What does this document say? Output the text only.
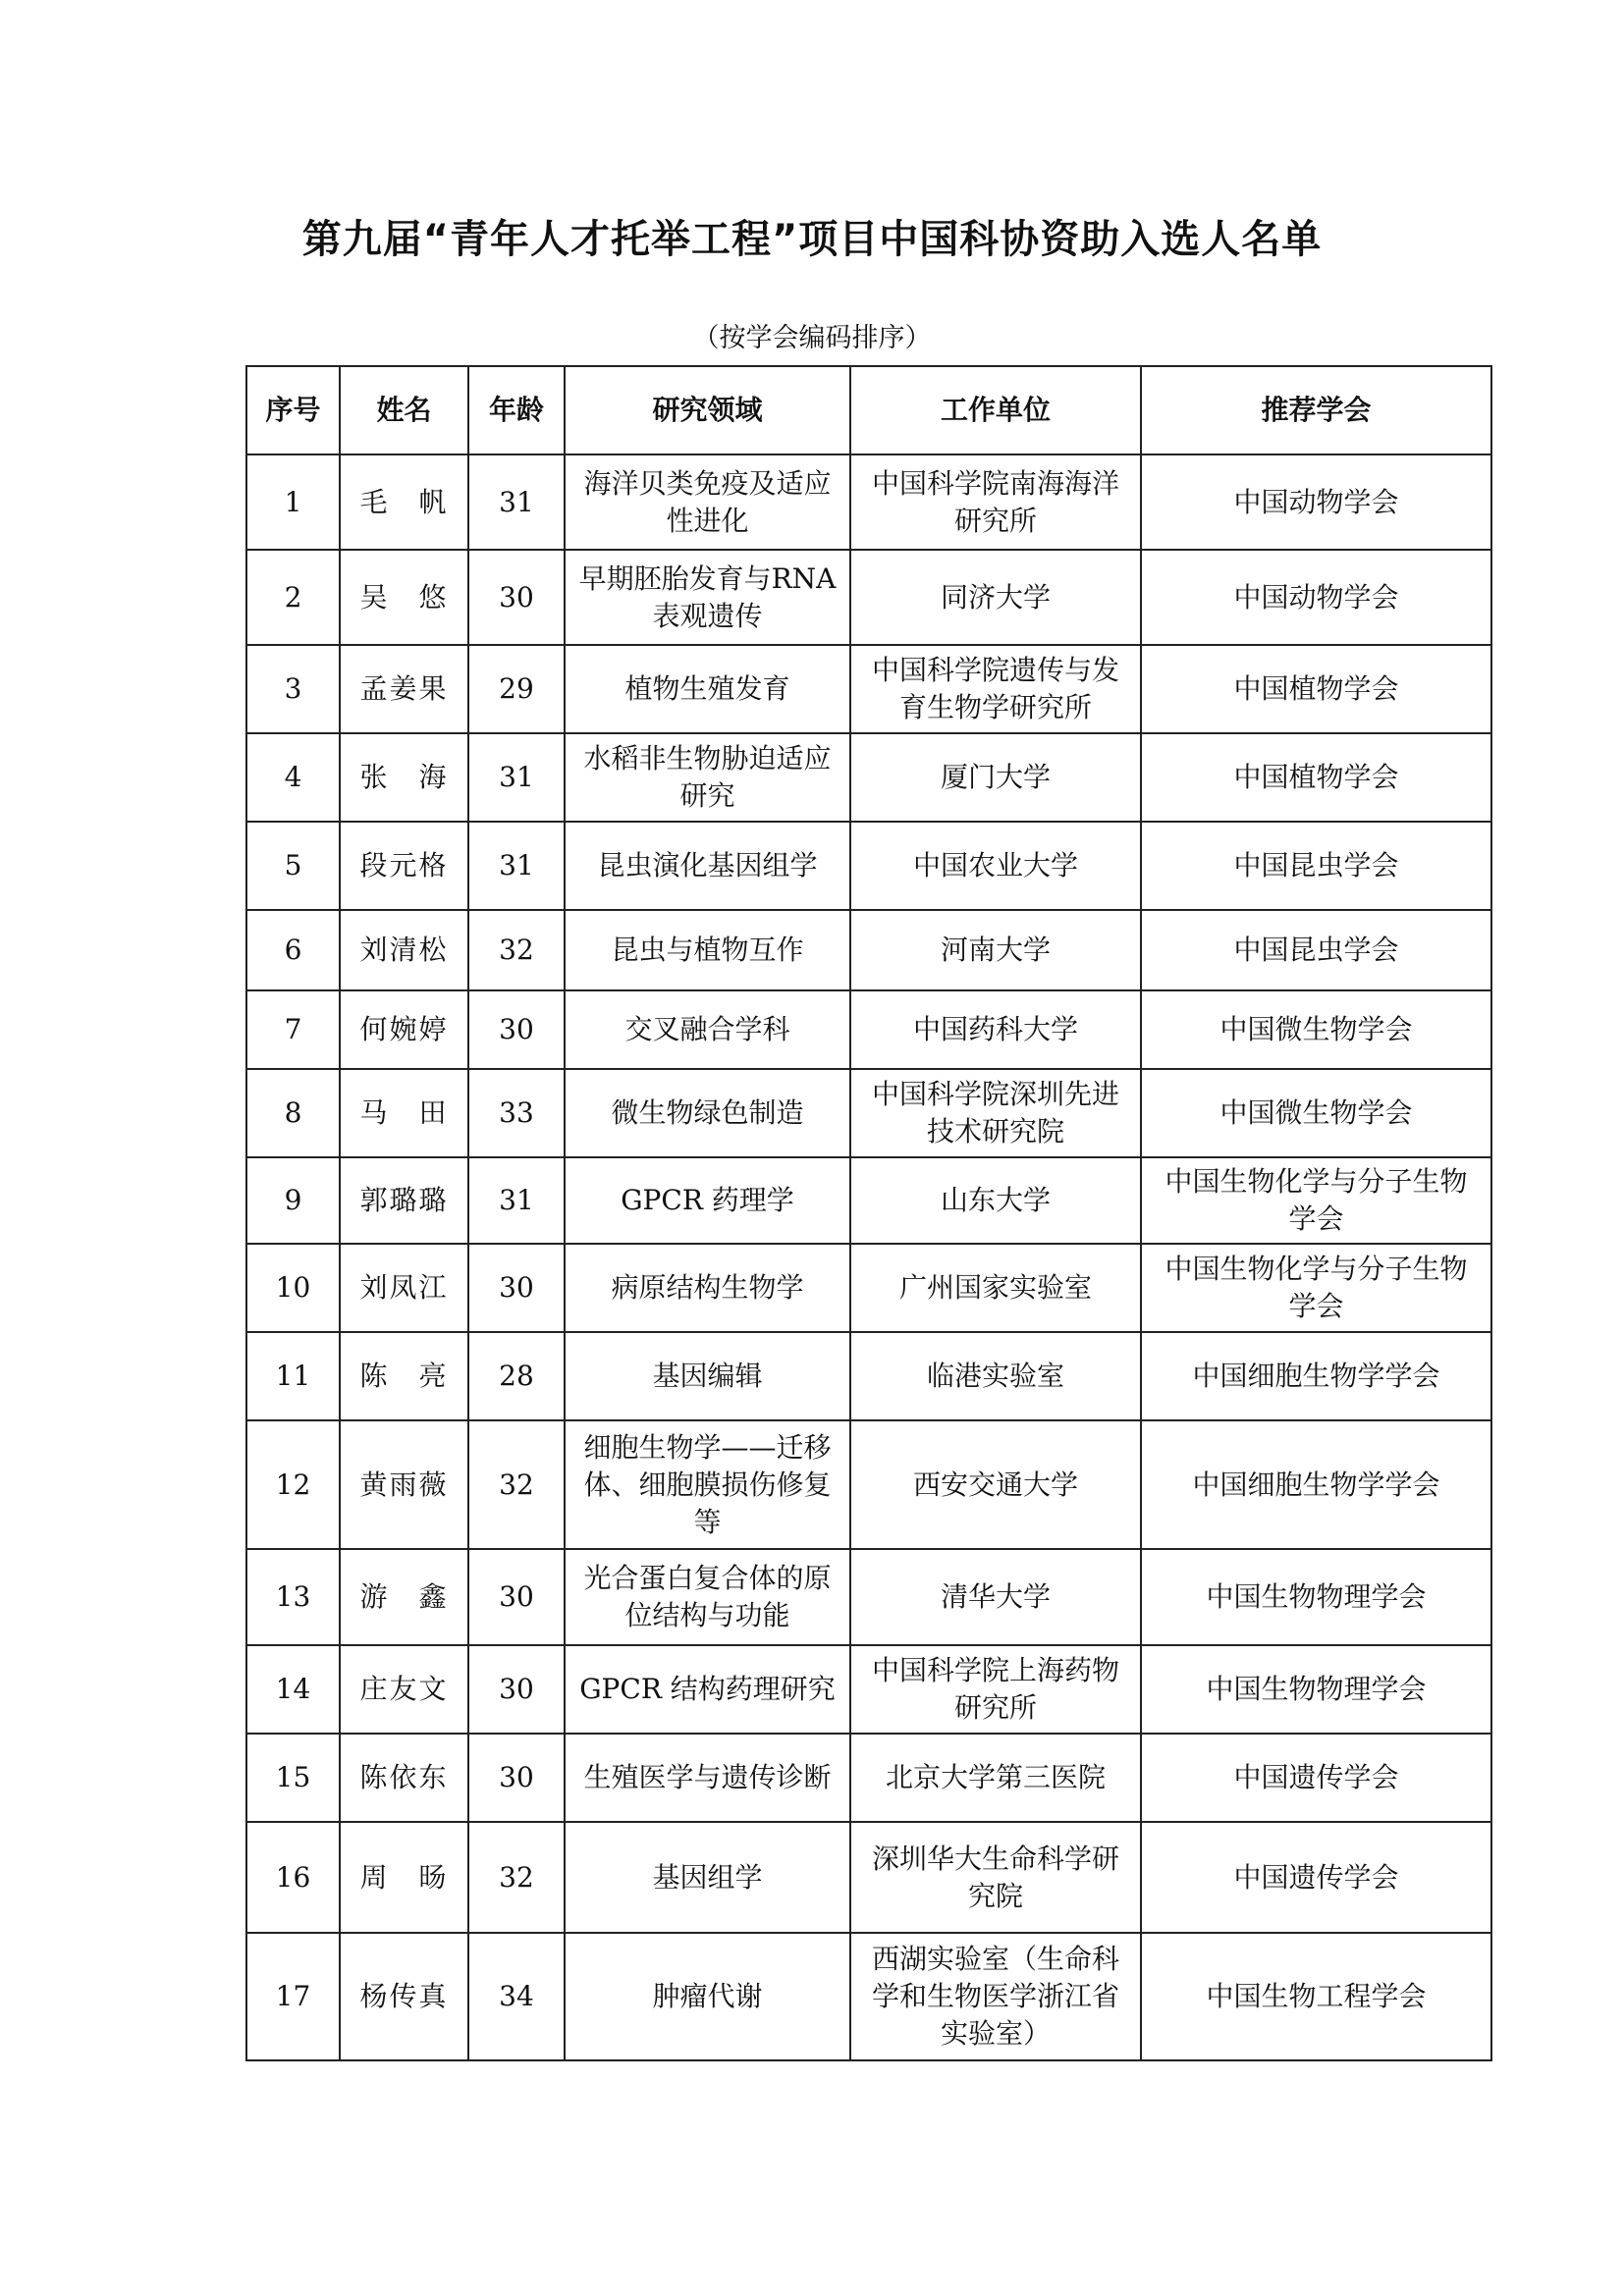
第九届“青年人才托举工程”项目中国科协资助入选人名单
（按学会编码排序）
序号	姓名	年龄	研究领域	工作单位	推荐学会
1	毛　帆	31	海洋贝类免疫及适应性进化	中国科学院南海海洋研究所	中国动物学会
2	吴　悠	30	早期胚胎发育与RNA 表观遗传	同济大学	中国动物学会
3	孟姜果	29	植物生殖发育	中国科学院遗传与发育生物学研究所	中国植物学会
4	张　海	31	水稻非生物胁迫适应研究	厦门大学	中国植物学会
5	段元格	31	昆虫演化基因组学	中国农业大学	中国昆虫学会
6	刘清松	32	昆虫与植物互作	河南大学	中国昆虫学会
7	何婉婷	30	交叉融合学科	中国药科大学	中国微生物学会
8	马　田	33	微生物绿色制造	中国科学院深圳先进技术研究院	中国微生物学会
9	郭璐璐	31	GPCR 药理学	山东大学	中国生物化学与分子生物学会
10	刘凤江	30	病原结构生物学	广州国家实验室	中国生物化学与分子生物学会
11	陈　亮	28	基因编辑	临港实验室	中国细胞生物学学会
12	黄雨薇	32	细胞生物学——迁移体、细胞膜损伤修复等	西安交通大学	中国细胞生物学学会
13	游　鑫	30	光合蛋白复合体的原位结构与功能	清华大学	中国生物物理学会
14	庄友文	30	GPCR 结构药理研究	中国科学院上海药物研究所	中国生物物理学会
15	陈依东	30	生殖医学与遗传诊断	北京大学第三医院	中国遗传学会
16	周　旸	32	基因组学	深圳华大生命科学研究院	中国遗传学会
17	杨传真	34	肿瘤代谢	西湖实验室（生命科学和生物医学浙江省实验室）	中国生物工程学会
